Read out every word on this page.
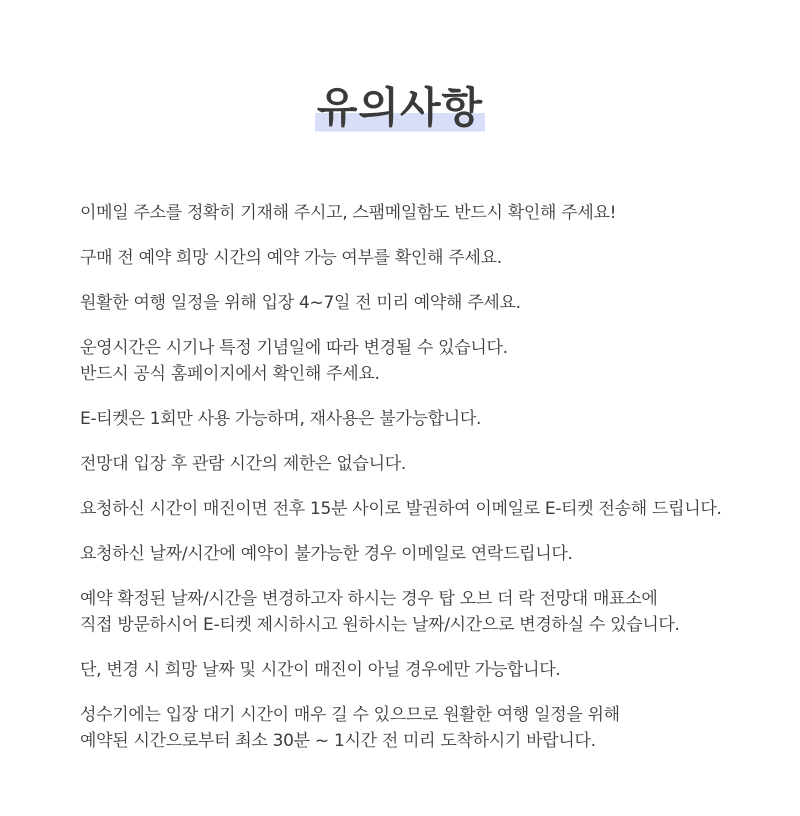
유의사항
이메일 주소를 정확히 기재해 주시고, 스팸메일함도 반드시 확인해 주세요!
구매 전 예약 희망 시간의 예약 가능 여부를 확인해 주세요.
원활한 여행 일정을 위해 입장 4~7일 전 미리 예약해 주세요.
운영시간은 시기나 특정 기념일에 따라 변경될 수 있습니다.
반드시 공식 홈페이지에서 확인해 주세요.
E-티켓은 1회만 사용 가능하며, 재사용은 불가능합니다.
전망대 입장 후 관람 시간의 제한은 없습니다.
요청하신 시간이 매진이면 전후 15분 사이로 발권하여 이메일로 E-티켓 전송해 드립니다.
요청하신 날짜/시간에 예약이 불가능한 경우 이메일로 연락드립니다.
예약 확정된 날짜/시간을 변경하고자 하시는 경우 탑 오브 더 락 전망대 매표소에
직접 방문하시어 E-티켓 제시하시고 원하시는 날짜/시간으로 변경하실 수 있습니다.
단, 변경 시 희망 날짜 및 시간이 매진이 아닐 경우에만 가능합니다.
성수기에는 입장 대기 시간이 매우 길 수 있으므로 원활한 여행 일정을 위해
예약된 시간으로부터 최소 30분 ~ 1시간 전 미리 도착하시기 바랍니다.
